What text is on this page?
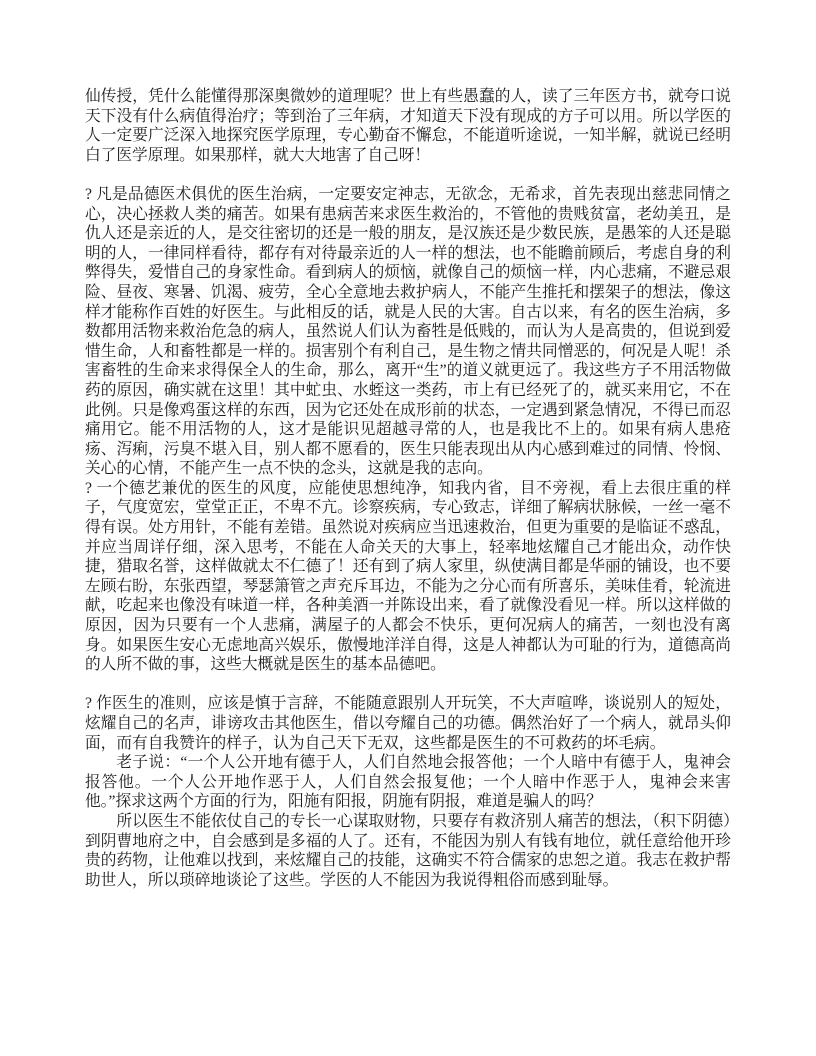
仙传授，凭什么能懂得那深奥微妙的道理呢？世上有些愚蠢的人，读了三年医方书，就夸口说天下没有什么病值得治疗；等到治了三年病，才知道天下没有现成的方子可以用。所以学医的人一定要广泛深入地探究医学原理，专心勤奋不懈怠，不能道听途说，一知半解，就说已经明白了医学原理。如果那样，就大大地害了自己呀！

? 凡是品德医术俱优的医生治病，一定要安定神志，无欲念，无希求，首先表现出慈悲同情之心，决心拯救人类的痛苦。如果有患病苦来求医生救治的，不管他的贵贱贫富，老幼美丑，是仇人还是亲近的人，是交往密切的还是一般的朋友，是汉族还是少数民族，是愚笨的人还是聪明的人，一律同样看待，都存有对待最亲近的人一样的想法，也不能瞻前顾后，考虑自身的利弊得失，爱惜自己的身家性命。看到病人的烦恼，就像自己的烦恼一样，内心悲痛，不避忌艰险、昼夜、寒暑、饥渴、疲劳，全心全意地去救护病人，不能产生推托和摆架子的想法，像这样才能称作百姓的好医生。与此相反的话，就是人民的大害。自古以来，有名的医生治病，多数都用活物来救治危急的病人，虽然说人们认为畜牲是低贱的，而认为人是高贵的，但说到爱惜生命，人和畜牲都是一样的。损害别个有利自己，是生物之情共同憎恶的，何况是人呢！杀害畜牲的生命来求得保全人的生命，那么，离开“生”的道义就更远了。我这些方子不用活物做药的原因，确实就在这里！其中虻虫、水蛭这一类药，市上有已经死了的，就买来用它，不在此例。只是像鸡蛋这样的东西，因为它还处在成形前的状态，一定遇到紧急情况，不得已而忍痛用它。能不用活物的人，这才是能识见超越寻常的人，也是我比不上的。如果有病人患疮疡、泻痢，污臭不堪入目，别人都不愿看的，医生只能表现出从内心感到难过的同情、怜悯、关心的心情，不能产生一点不快的念头，这就是我的志向。

? 一个德艺兼优的医生的风度，应能使思想纯净，知我内省，目不旁视，看上去很庄重的样子，气度宽宏，堂堂正正，不卑不亢。诊察疾病，专心致志，详细了解病状脉候，一丝一毫不得有误。处方用针，不能有差错。虽然说对疾病应当迅速救治，但更为重要的是临证不惑乱，并应当周详仔细，深入思考，不能在人命关天的大事上，轻率地炫耀自己才能出众，动作快捷，猎取名誉，这样做就太不仁德了！还有到了病人家里，纵使满目都是华丽的铺设，也不要左顾右盼，东张西望，琴瑟箫管之声充斥耳边，不能为之分心而有所喜乐，美味佳肴，轮流进献，吃起来也像没有味道一样，各种美酒一并陈设出来，看了就像没看见一样。所以这样做的原因，因为只要有一个人悲痛，满屋子的人都会不快乐，更何况病人的痛苦，一刻也没有离身。如果医生安心无虑地高兴娱乐，傲慢地洋洋自得，这是人神都认为可耻的行为，道德高尚的人所不做的事，这些大概就是医生的基本品德吧。

? 作医生的准则，应该是慎于言辞，不能随意跟别人开玩笑，不大声喧哗，谈说别人的短处，炫耀自己的名声，诽谤攻击其他医生，借以夸耀自己的功德。偶然治好了一个病人，就昂头仰面，而有自我赞许的样子，认为自己天下无双，这些都是医生的不可救药的坏毛病。

老子说：“一个人公开地有德于人，人们自然地会报答他；一个人暗中有德于人，鬼神会报答他。一个人公开地作恶于人，人们自然会报复他；一个人暗中作恶于人，鬼神会来害他。”探求这两个方面的行为，阳施有阳报，阴施有阴报，难道是骗人的吗？

所以医生不能依仗自己的专长一心谋取财物，只要存有救济别人痛苦的想法，（积下阴德）到阴曹地府之中，自会感到是多福的人了。还有，不能因为别人有钱有地位，就任意给他开珍贵的药物，让他难以找到，来炫耀自己的技能，这确实不符合儒家的忠恕之道。我志在救护帮助世人，所以琐碎地谈论了这些。学医的人不能因为我说得粗俗而感到耻辱。
